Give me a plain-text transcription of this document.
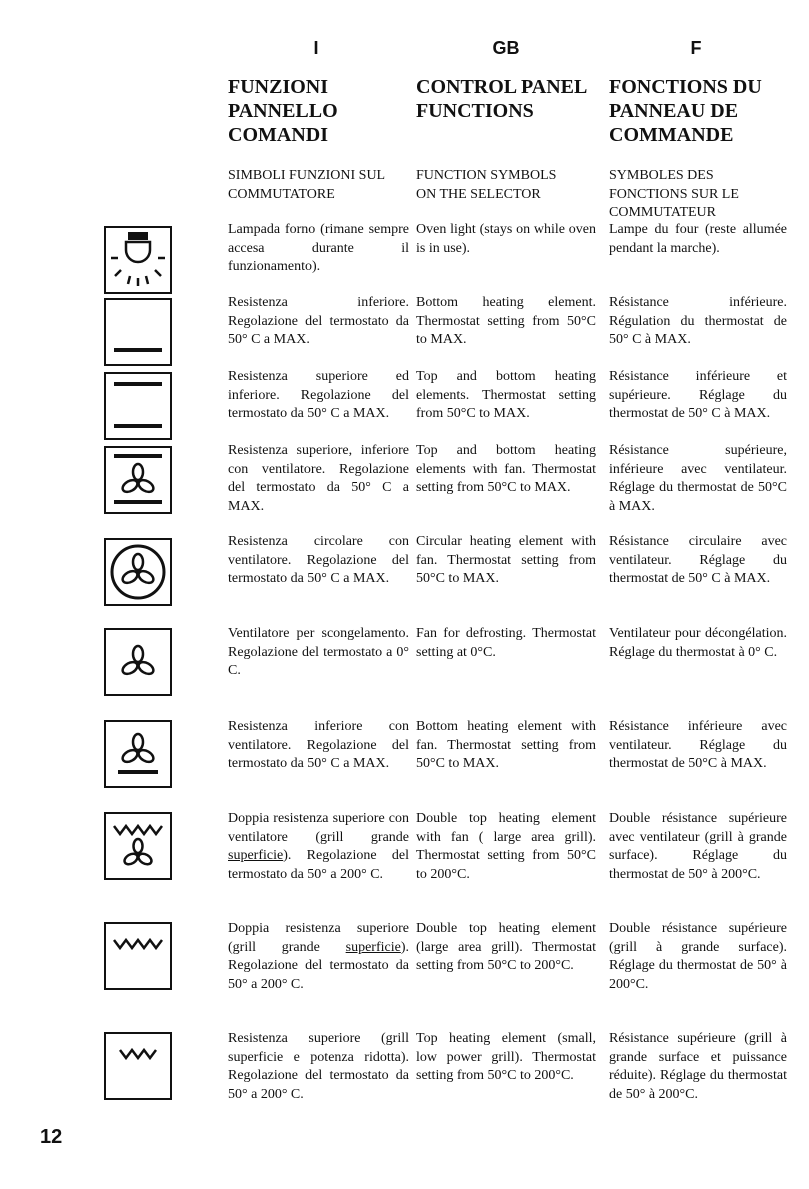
I	GB	F
FUNZIONI
PANNELLO
COMANDI
CONTROL PANEL
FUNCTIONS
FONCTIONS DU
PANNEAU DE
COMMANDE
SIMBOLI FUNZIONI SUL
COMMUTATORE
FUNCTION SYMBOLS
ON THE SELECTOR
SYMBOLES DES
FONCTIONS SUR LE
COMMUTATEUR
Lampada forno (rimane sempre accesa durante il funzionamento).
Oven light (stays on while oven is in use).
Lampe du four (reste allumée pendant la marche).
Resistenza inferiore. Regolazione del termostato da 50° C a MAX.
Bottom heating element. Thermostat setting from 50°C to MAX.
Résistance inférieure. Régulation du thermostat de 50° C à MAX.
Resistenza superiore ed inferiore. Regolazione del termostato da 50° C a MAX.
Top and bottom heating elements. Thermostat setting from 50°C to MAX.
Résistance inférieure et supérieure. Réglage du thermostat de 50° C à MAX.
Resistenza superiore, inferiore con ventilatore. Regolazione del termostato da 50° C a MAX.
Top and bottom heating elements with fan. Thermostat setting from 50°C to MAX.
Résistance supérieure, inférieure avec ventilateur. Réglage du thermostat de 50°C à MAX.
Resistenza circolare con ventilatore. Regolazione del termostato da 50° C a MAX.
Circular heating element with fan. Thermostat setting from 50°C to MAX.
Résistance circulaire avec ventilateur. Réglage du thermostat de 50° C à MAX.
Ventilatore per scongelamento. Regolazione del termostato a 0° C.
Fan for defrosting. Thermostat setting at 0°C.
Ventilateur pour décongélation. Réglage du thermostat à 0° C.
Resistenza inferiore con ventilatore. Regolazione del termostato da 50° C a MAX.
Bottom heating element with fan. Thermostat setting from 50°C to MAX.
Résistance inférieure avec ventilateur. Réglage du thermostat de 50°C à MAX.
Doppia resistenza superiore con ventilatore (grill grande superficie). Regolazione del termostato da 50° a 200° C.
Double top heating element with fan ( large area grill). Thermostat setting from 50°C to 200°C.
Double résistance supérieure avec ventilateur (grill à grande surface). Réglage du thermostat de 50° à 200°C.
Doppia resistenza superiore (grill grande superficie). Regolazione del termostato da 50° a 200° C.
Double top heating element (large area grill). Thermostat setting from 50°C to 200°C.
Double résistance supérieure (grill à grande surface). Réglage du thermostat de 50° à 200°C.
Resistenza superiore (grill superficie e potenza ridotta). Regolazione del termostato da 50° a 200° C.
Top heating element (small, low power grill). Thermostat setting from 50°C to 200°C.
Résistance supérieure (grill à grande surface et puissance réduite). Réglage du thermostat de 50° à 200°C.
12
